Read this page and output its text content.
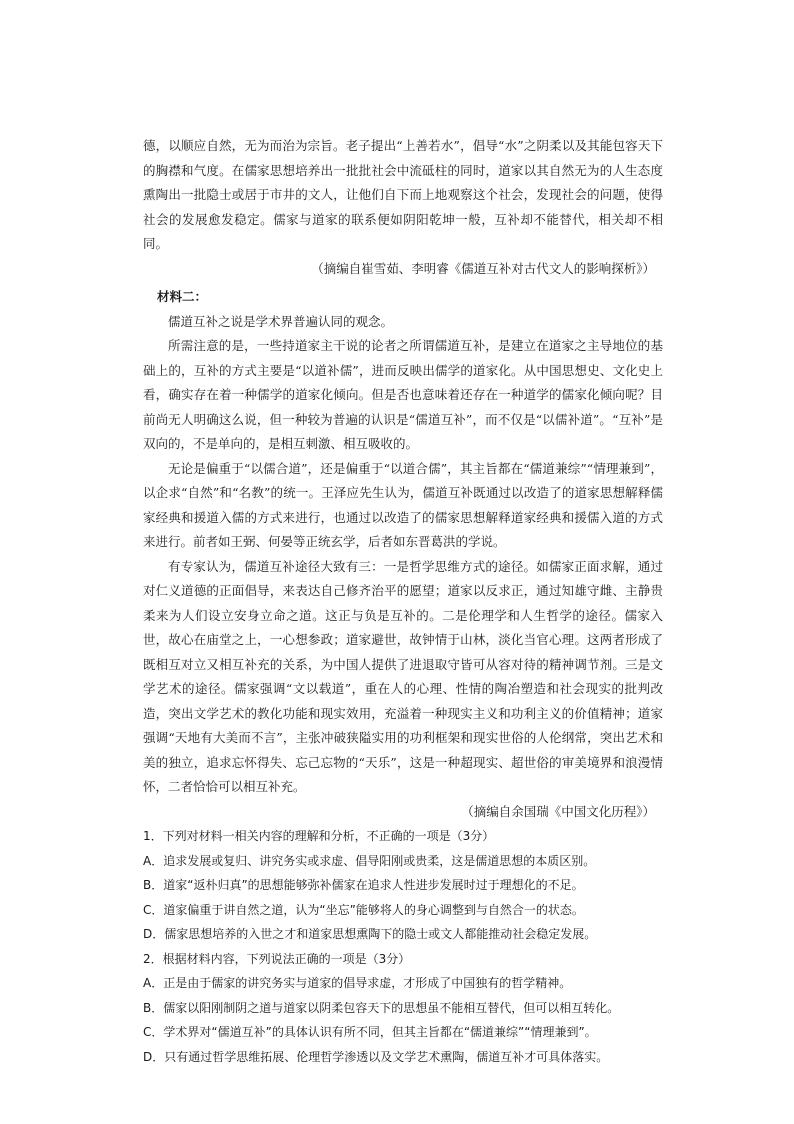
德，以顺应自然，无为而治为宗旨。老子提出“上善若水”，倡导“水”之阴柔以及其能包容天下的胸襟和气度。在儒家思想培养出一批批社会中流砥柱的同时，道家以其自然无为的人生态度熏陶出一批隐士或居于市井的文人，让他们自下而上地观察这个社会，发现社会的问题，使得社会的发展愈发稳定。儒家与道家的联系便如阴阳乾坤一般，互补却不能替代，相关却不相同。

（摘编自崔雪茹、李明睿《儒道互补对古代文人的影响探析》）

材料二：

儒道互补之说是学术界普遍认同的观念。

所需注意的是，一些持道家主干说的论者之所谓儒道互补，是建立在道家之主导地位的基础上的，互补的方式主要是“以道补儒”，进而反映出儒学的道家化。从中国思想史、文化史上看，确实存在着一种儒学的道家化倾向。但是否也意味着还存在一种道学的儒家化倾向呢？目前尚无人明确这么说，但一种较为普遍的认识是“儒道互补”，而不仅是“以儒补道”。“互补”是双向的，不是单向的，是相互刺激、相互吸收的。

无论是偏重于“以儒合道”，还是偏重于“以道合儒”，其主旨都在“儒道兼综”“情理兼到”，以企求“自然”和“名教”的统一。王泽应先生认为，儒道互补既通过以改造了的道家思想解释儒家经典和援道入儒的方式来进行，也通过以改造了的儒家思想解释道家经典和援儒入道的方式来进行。前者如王弼、何晏等正统玄学，后者如东晋葛洪的学说。

有专家认为，儒道互补途径大致有三：一是哲学思维方式的途径。如儒家正面求解，通过对仁义道德的正面倡导，来表达自己修齐治平的愿望；道家以反求正，通过知雄守雌、主静贵柔来为人们设立安身立命之道。这正与负是互补的。二是伦理学和人生哲学的途径。儒家入世，故心在庙堂之上，一心想参政；道家避世，故钟情于山林，淡化当官心理。这两者形成了既相互对立又相互补充的关系，为中国人提供了进退取守皆可从容对待的精神调节剂。三是文学艺术的途径。儒家强调“文以载道”，重在人的心理、性情的陶冶塑造和社会现实的批判改造，突出文学艺术的教化功能和现实效用，充溢着一种现实主义和功利主义的价值精神；道家强调“天地有大美而不言”，主张冲破狭隘实用的功利框架和现实世俗的人伦纲常，突出艺术和美的独立，追求忘怀得失、忘己忘物的“天乐”，这是一种超现实、超世俗的审美境界和浪漫情怀，二者恰恰可以相互补充。

（摘编自余国瑞《中国文化历程》）

1．下列对材料一相关内容的理解和分析，不正确的一项是（3分）

A．追求发展或复归、讲究务实或求虚、倡导阳刚或贵柔，这是儒道思想的本质区别。

B．道家“返朴归真”的思想能够弥补儒家在追求人性进步发展时过于理想化的不足。

C．道家偏重于讲自然之道，认为“坐忘”能够将人的身心调整到与自然合一的状态。

D．儒家思想培养的入世之才和道家思想熏陶下的隐士或文人都能推动社会稳定发展。

2．根据材料内容，下列说法正确的一项是（3分）

A．正是由于儒家的讲究务实与道家的倡导求虚，才形成了中国独有的哲学精神。

B．儒家以阳刚制阴之道与道家以阴柔包容天下的思想虽不能相互替代，但可以相互转化。

C．学术界对“儒道互补”的具体认识有所不同，但其主旨都在“儒道兼综”“情理兼到”。

D．只有通过哲学思维拓展、伦理哲学渗透以及文学艺术熏陶，儒道互补才可具体落实。
